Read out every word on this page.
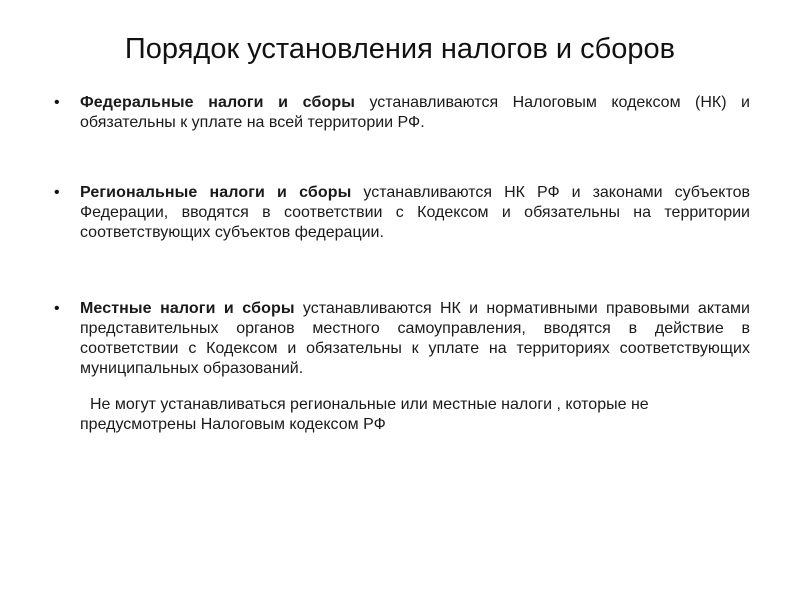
Порядок установления налогов и сборов
• Федеральные налоги и сборы устанавливаются Налоговым кодексом (НК) и обязательны к уплате на всей территории РФ.
• Региональные налоги и сборы устанавливаются НК РФ и законами субъектов Федерации, вводятся в соответствии с Кодексом и обязательны на территории соответствующих субъектов федерации.
• Местные налоги и сборы устанавливаются НК и нормативными правовыми актами представительных органов местного самоуправления, вводятся в действие в соответствии с Кодексом и обязательны к уплате на территориях соответствующих муниципальных образований.
Не могут устанавливаться региональные или местные налоги , которые не предусмотрены Налоговым кодексом РФ
